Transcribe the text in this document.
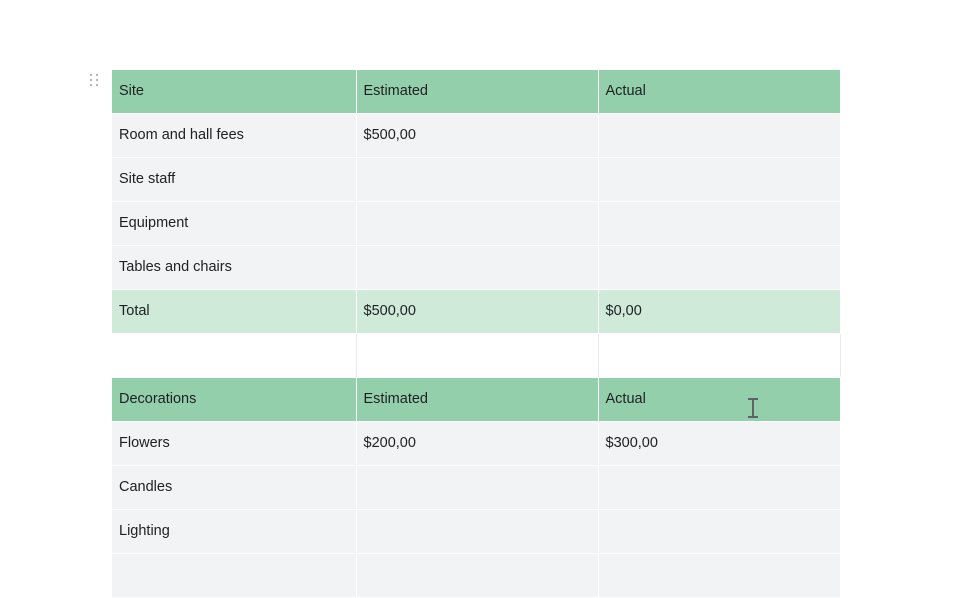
Site	Estimated	Actual
Room and hall fees	$500,00	
Site staff		
Equipment		
Tables and chairs		
Total	$500,00	$0,00

Decorations	Estimated	Actual
Flowers	$200,00	$300,00
Candles		
Lighting		
